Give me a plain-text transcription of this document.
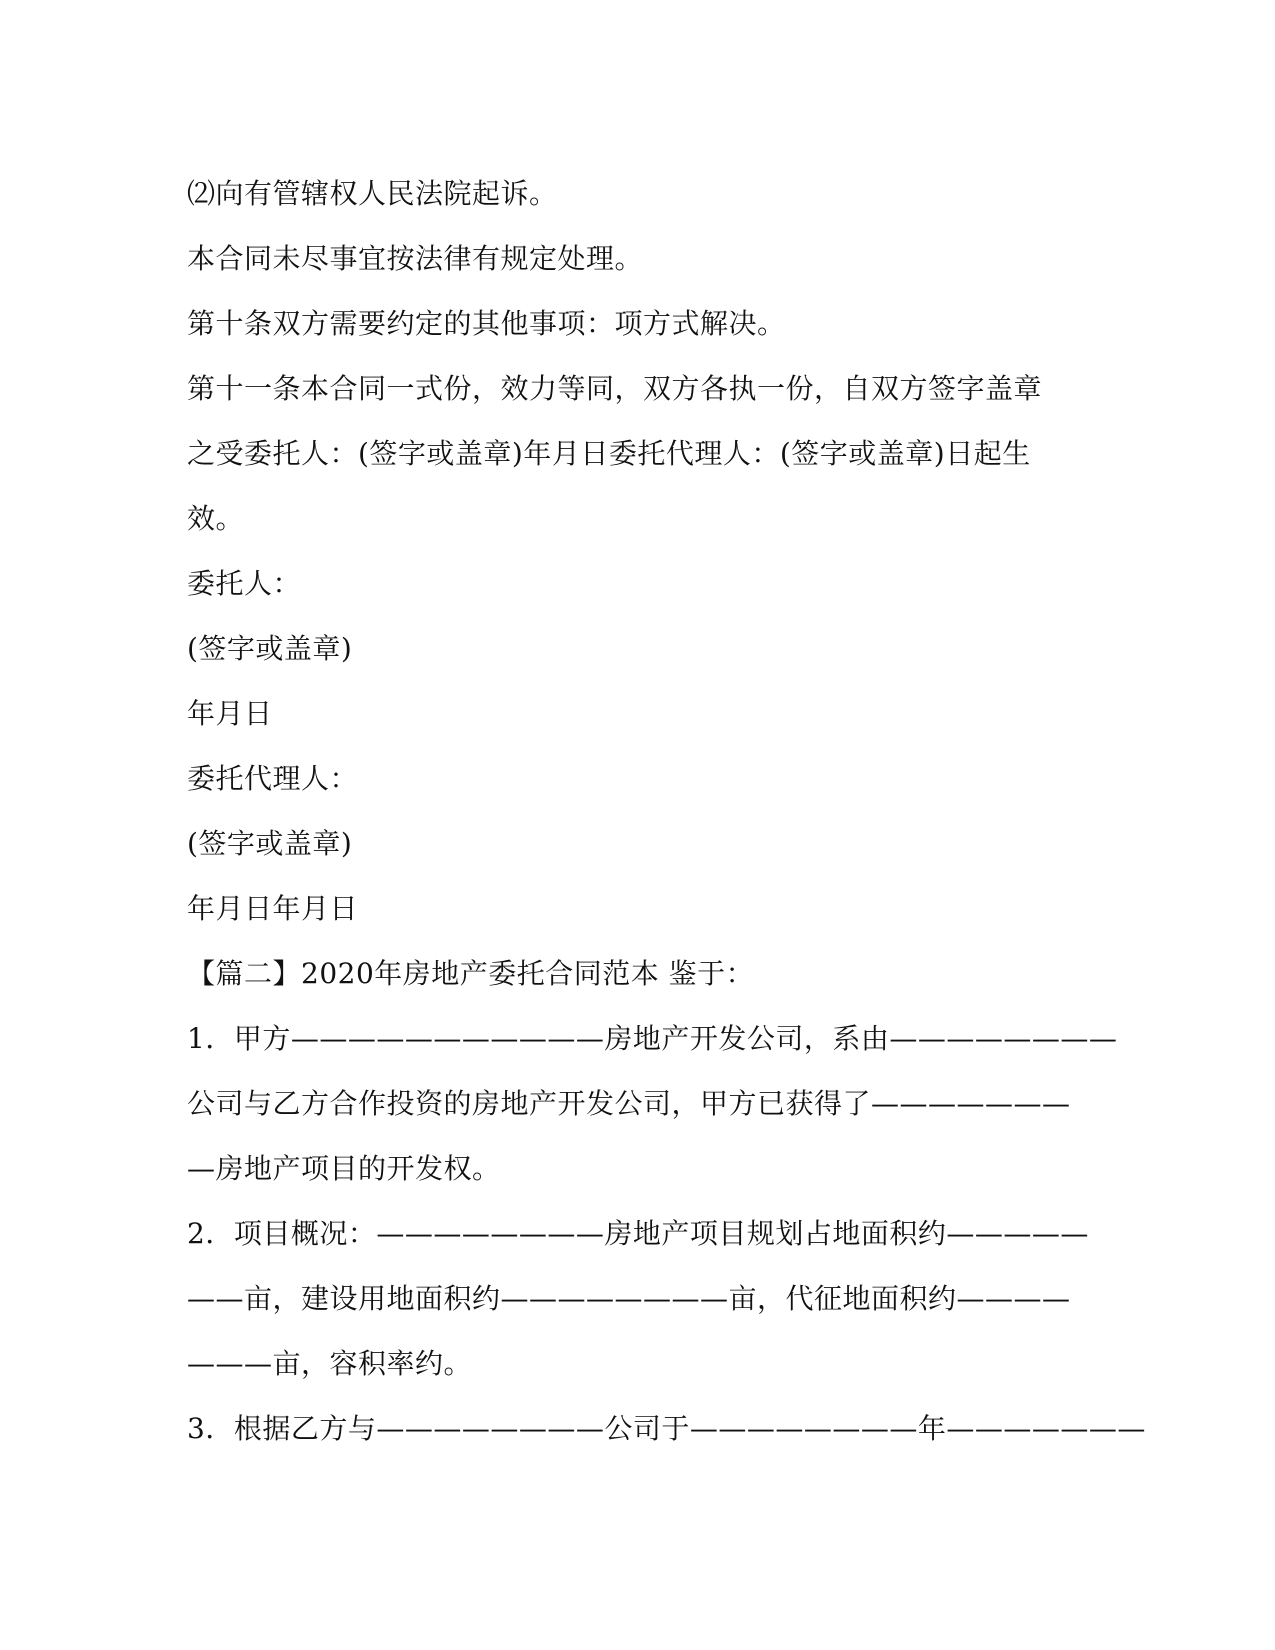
⑵向有管辖权人民法院起诉。
本合同未尽事宜按法律有规定处理。
第十条双方需要约定的其他事项：项方式解决。
第十一条本合同一式份，效力等同，双方各执一份，自双方签字盖章
之受委托人：(签字或盖章)年月日委托代理人：(签字或盖章)日起生
效。
委托人：
(签字或盖章)
年月日
委托代理人：
(签字或盖章)
年月日年月日
【篇二】2020年房地产委托合同范本 鉴于：
1．甲方———————————房地产开发公司，系由————————
公司与乙方合作投资的房地产开发公司，甲方已获得了———————
—房地产项目的开发权。
2．项目概况：————————房地产项目规划占地面积约—————
——亩，建设用地面积约————————亩，代征地面积约————
———亩，容积率约。
3．根据乙方与————————公司于————————年———————
